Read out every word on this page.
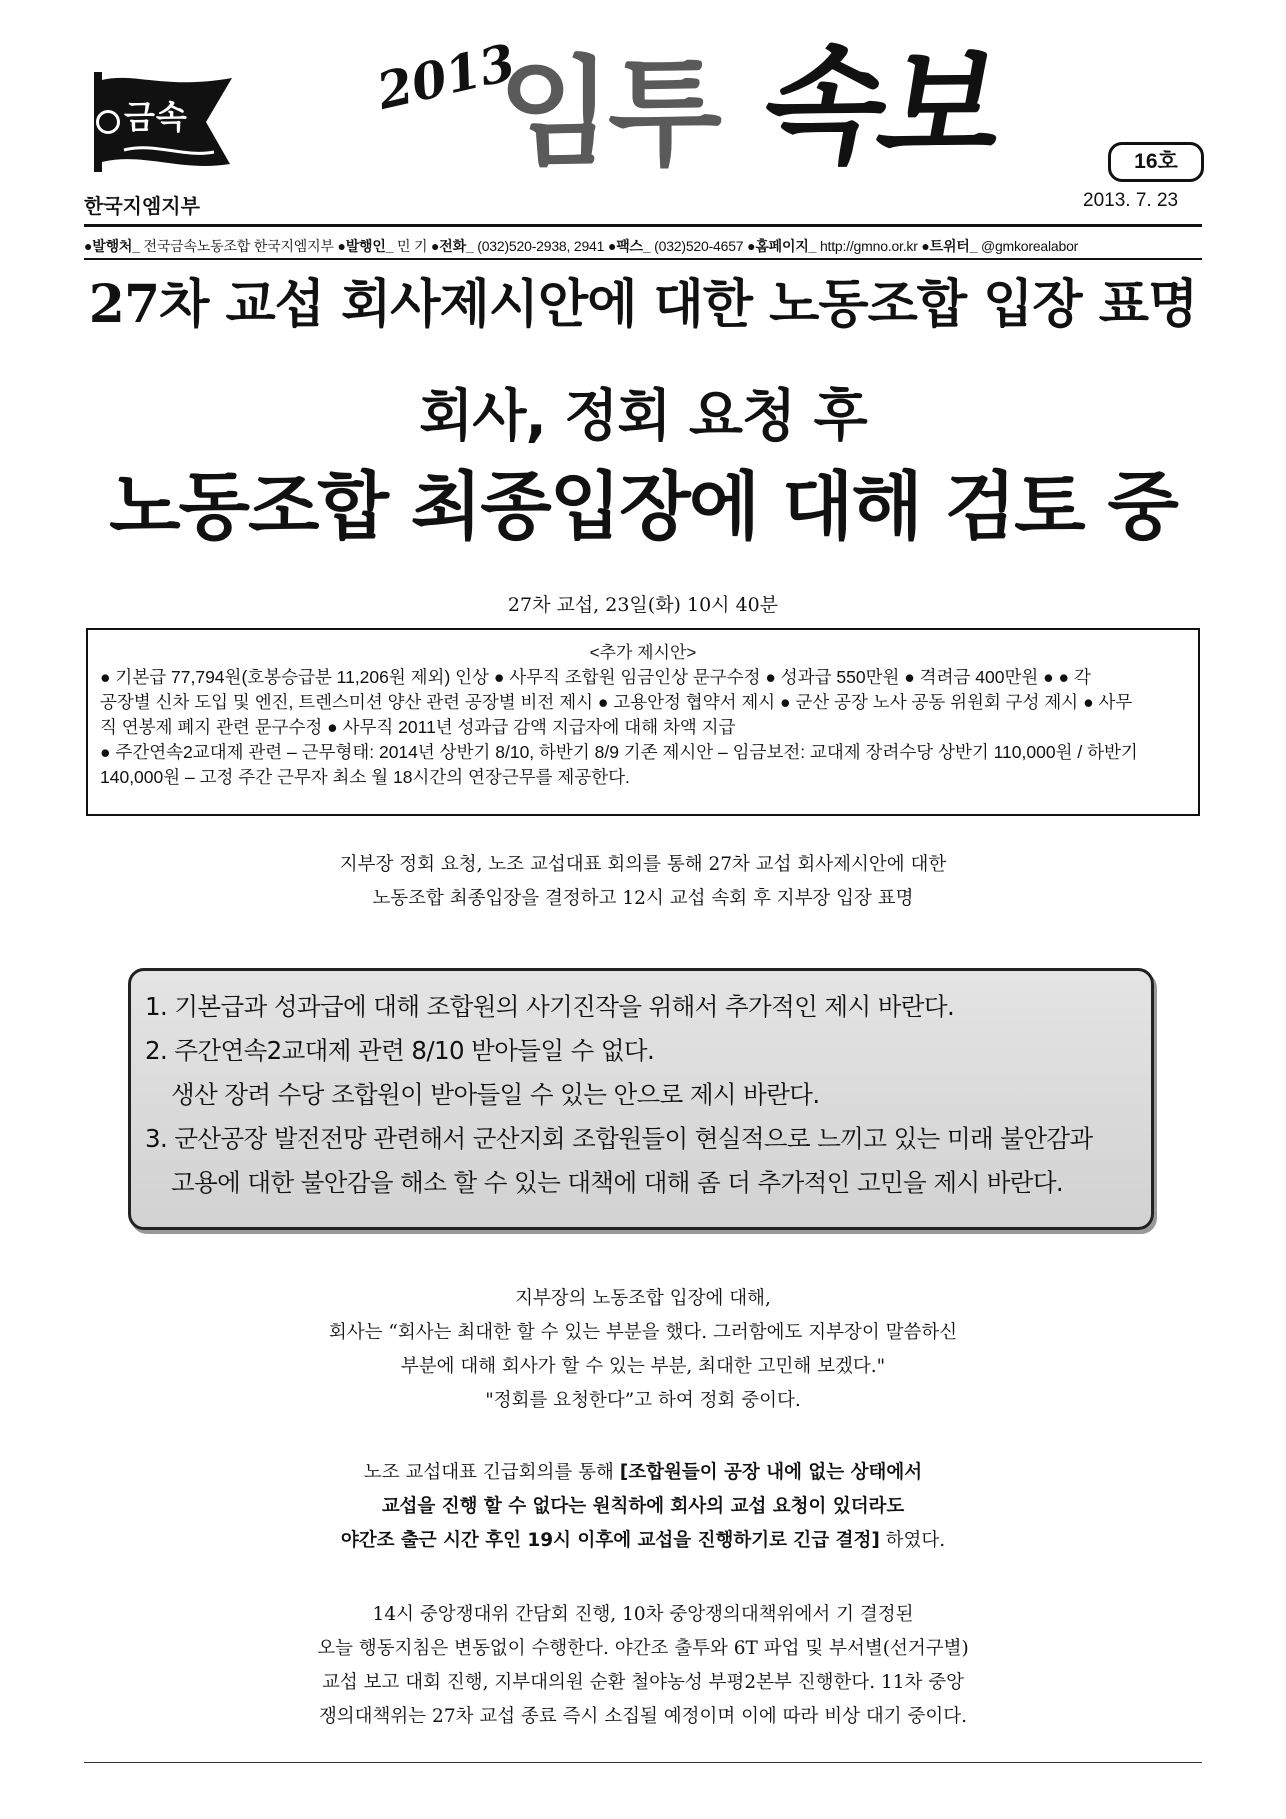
금속
한국지엠지부
2013
임투 속보	16호
2013. 7. 23
●발행처_ 전국금속노동조합 한국지엠지부 ●발행인_ 민 기 ●전화_ (032)520-2938, 2941 ●팩스_ (032)520-4657 ●홈페이지_ http://gmno.or.kr ●트위터_ @gmkorealabor
27차 교섭 회사제시안에 대한 노동조합 입장 표명
회사, 정회 요청 후
노동조합 최종입장에 대해 검토 중
27차 교섭, 23일(화) 10시 40분
<추가 제시안>
● 기본급 77,794원(호봉승급분 11,206원 제외) 인상 ● 사무직 조합원 임금인상 문구수정 ● 성과급 550만원 ● 격려금 400만원 ● ● 각
공장별 신차 도입 및 엔진, 트렌스미션 양산 관련 공장별 비전 제시 ● 고용안정 협약서 제시 ● 군산 공장 노사 공동 위원회 구성 제시 ● 사무
직 연봉제 폐지 관련 문구수정 ● 사무직 2011년 성과급 감액 지급자에 대해 차액 지급
● 주간연속2교대제 관련 – 근무형태: 2014년 상반기 8/10, 하반기 8/9 기존 제시안 – 임금보전: 교대제 장려수당 상반기 110,000원 / 하반기
140,000원 – 고정 주간 근무자 최소 월 18시간의 연장근무를 제공한다.
지부장 정회 요청, 노조 교섭대표 회의를 통해 27차 교섭 회사제시안에 대한
노동조합 최종입장을 결정하고 12시 교섭 속회 후 지부장 입장 표명
1. 기본급과 성과급에 대해 조합원의 사기진작을 위해서 추가적인 제시 바란다.
2. 주간연속2교대제 관련 8/10 받아들일 수 없다.
생산 장려 수당 조합원이 받아들일 수 있는 안으로 제시 바란다.
3. 군산공장 발전전망 관련해서 군산지회 조합원들이 현실적으로 느끼고 있는 미래 불안감과
고용에 대한 불안감을 해소 할 수 있는 대책에 대해 좀 더 추가적인 고민을 제시 바란다.
지부장의 노동조합 입장에 대해,
회사는 “회사는 최대한 할 수 있는 부분을 했다. 그러함에도 지부장이 말씀하신
부분에 대해 회사가 할 수 있는 부분, 최대한 고민해 보겠다."
"정회를 요청한다”고 하여 정회 중이다.
노조 교섭대표 긴급회의를 통해 [조합원들이 공장 내에 없는 상태에서
교섭을 진행 할 수 없다는 원칙하에 회사의 교섭 요청이 있더라도
야간조 출근 시간 후인 19시 이후에 교섭을 진행하기로 긴급 결정] 하였다.
14시 중앙쟁대위 간담회 진행, 10차 중앙쟁의대책위에서 기 결정된
오늘 행동지침은 변동없이 수행한다. 야간조 출투와 6T 파업 및 부서별(선거구별)
교섭 보고 대회 진행, 지부대의원 순환 철야농성 부평2본부 진행한다. 11차 중앙
쟁의대책위는 27차 교섭 종료 즉시 소집될 예정이며 이에 따라 비상 대기 중이다.
